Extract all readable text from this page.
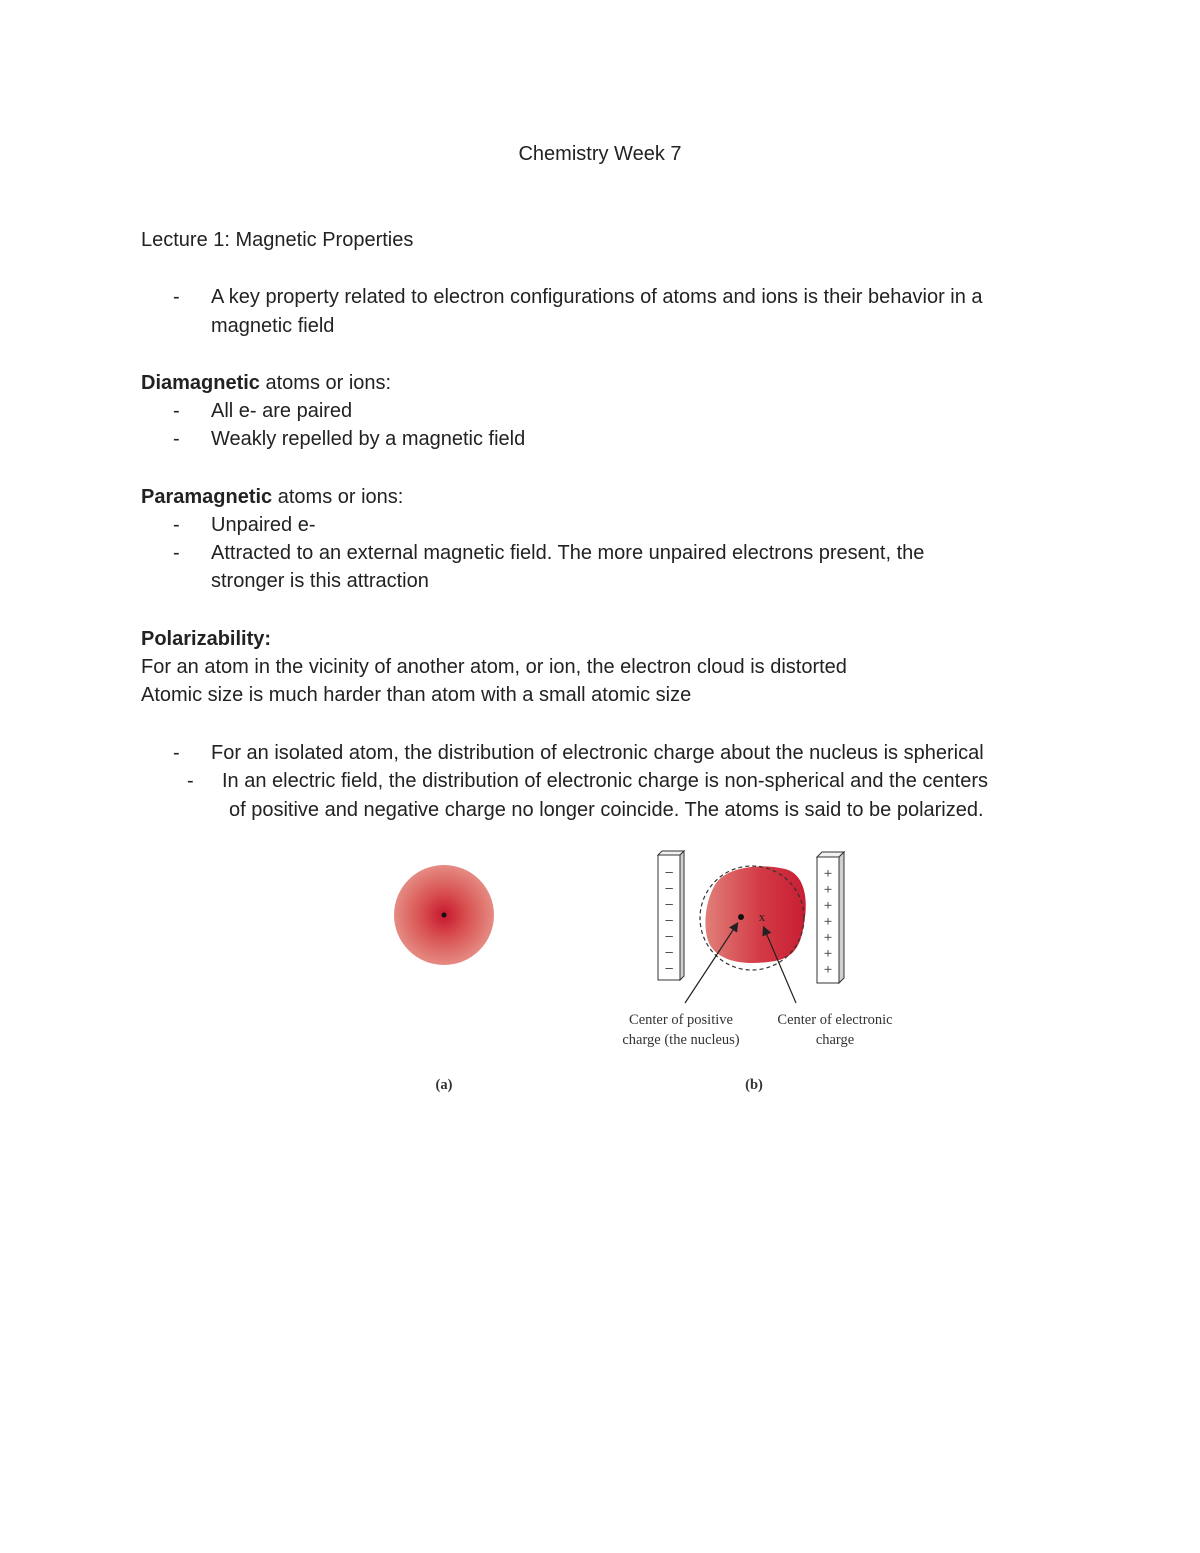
Chemistry Week 7
Lecture 1: Magnetic Properties
- A key property related to electron configurations of atoms and ions is their behavior in a
magnetic field
Diamagnetic atoms or ions:
- All e- are paired
- Weakly repelled by a magnetic field
Paramagnetic atoms or ions:
- Unpaired e-
- Attracted to an external magnetic field. The more unpaired electrons present, the
stronger is this attraction
Polarizability:
For an atom in the vicinity of another atom, or ion, the electron cloud is distorted
Atomic size is much harder than atom with a small atomic size
- For an isolated atom, the distribution of electronic charge about the nucleus is spherical
- In an electric field, the distribution of electronic charge is non-spherical and the centers
of positive and negative charge no longer coincide. The atoms is said to be polarized.
−
−
−
−
−
−
−
+
+
+
+
+
+
+
x
Center of positive
charge (the nucleus)
Center of electronic
charge
(a)	(b)
